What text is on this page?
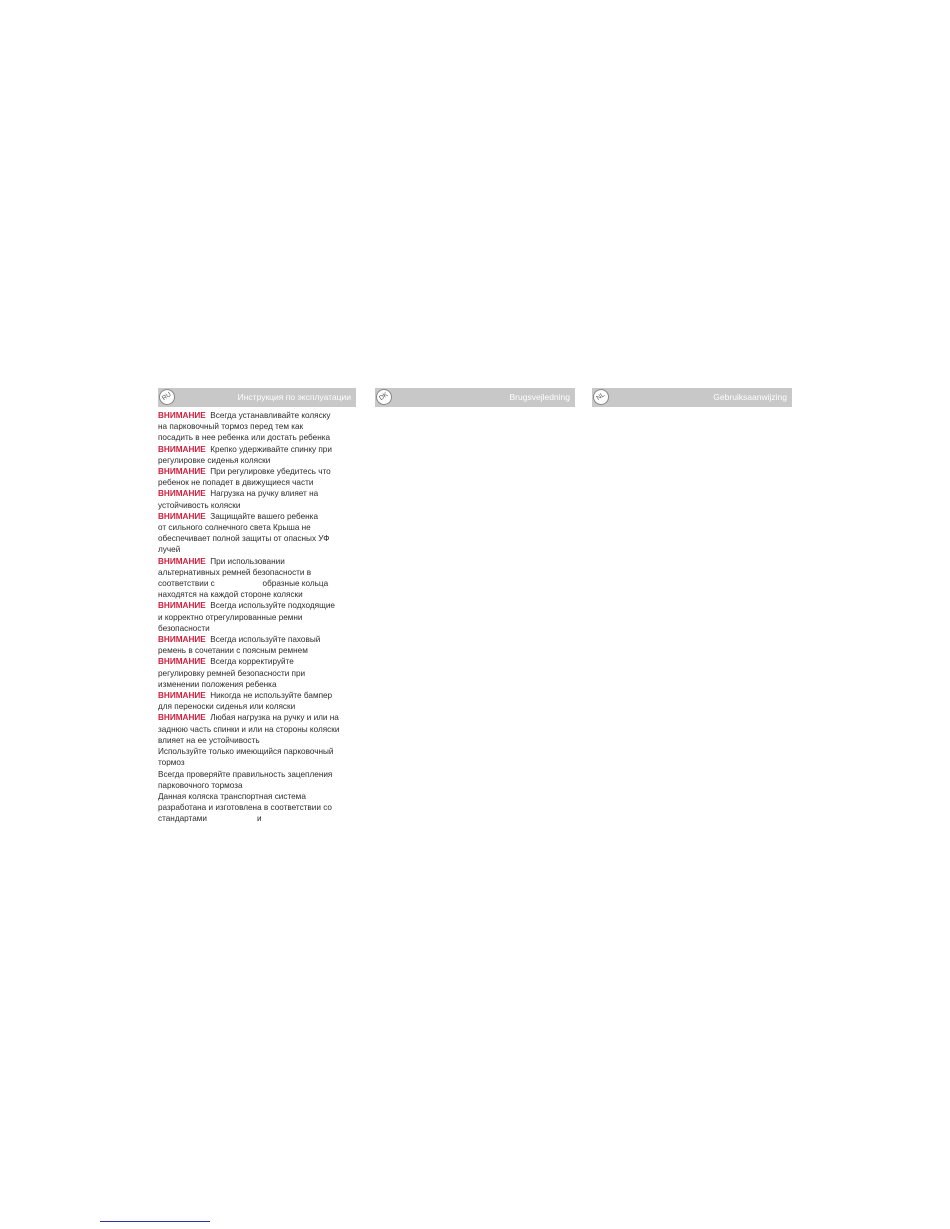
RU	Инструкция по эксплуатации

ВНИМАНИЕ Всегда устанавливайте коляску
на парковочный тормоз перед тем как
посадить в нее ребенка или достать ребенка

ВНИМАНИЕ Крепко удерживайте спинку при
регулировке сиденья коляски

ВНИМАНИЕ При регулировке убедитесь что
ребенок не попадет в движущиеся части

ВНИМАНИЕ Нагрузка на ручку влияет на
устойчивость коляски

ВНИМАНИЕ Защищайте вашего ребенка
от сильного солнечного света Крыша не
обеспечивает полной защиты от опасных УФ
лучей

ВНИМАНИЕ При использовании
альтернативных ремней безопасности в
соответствии с                     образные кольца
находятся на каждой стороне коляски

ВНИМАНИЕ Всегда используйте подходящие
и корректно отрегулированные ремни
безопасности

ВНИМАНИЕ Всегда используйте паховый
ремень в сочетании с поясным ремнем

ВНИМАНИЕ Всегда корректируйте
регулировку ремней безопасности при
изменении положения ребенка

ВНИМАНИЕ Никогда не используйте бампер
для переноски сиденья или коляски

ВНИМАНИЕ Любая нагрузка на ручку и или на
заднюю часть спинки и или на стороны коляски
влияет на ее устойчивость

Используйте только имеющийся парковочный
тормоз

Всегда проверяйте правильность зацепления
парковочного тормоза

Данная коляска транспортная система
разработана и изготовлена в соответствии со
стандартами                      и

DK	Brugsvejledning	NL	Gebruiksaanwijzing
